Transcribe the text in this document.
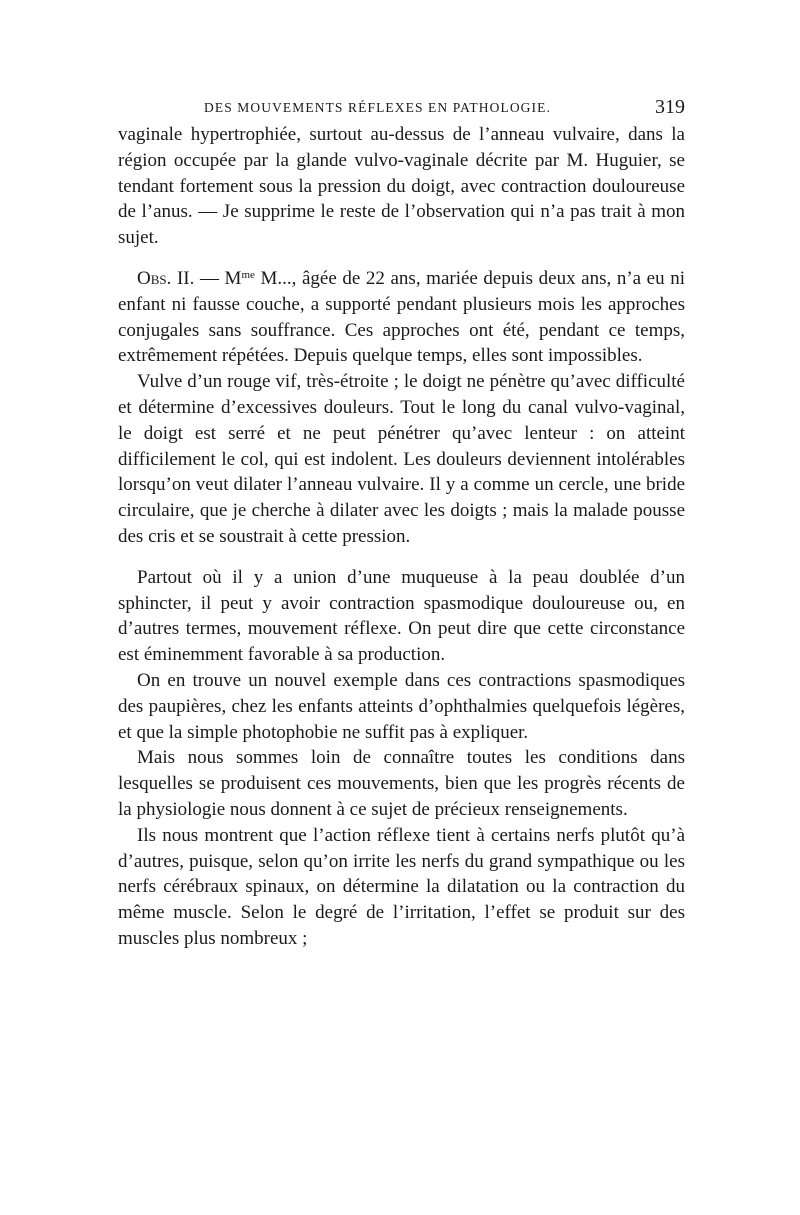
DES MOUVEMENTS RÉFLEXES EN PATHOLOGIE.	319

vaginale hypertrophiée, surtout au-dessus de l’anneau vulvaire, dans la région occupée par la glande vulvo-vaginale décrite par M. Huguier, se tendant fortement sous la pression du doigt, avec contraction douloureuse de l’anus. — Je supprime le reste de l’observation qui n’a pas trait à mon sujet.

Obs. II. — $M^{me}$ M..., âgée de 22 ans, mariée depuis deux ans, n’a eu ni enfant ni fausse couche, a supporté pendant plusieurs mois les approches conjugales sans souffrance. Ces approches ont été, pendant ce temps, extrêmement répétées. Depuis quelque temps, elles sont impossibles.

Vulve d’un rouge vif, très-étroite ; le doigt ne pénètre qu’avec difficulté et détermine d’excessives douleurs. Tout le long du canal vulvo-vaginal, le doigt est serré et ne peut pénétrer qu’avec lenteur : on atteint difficilement le col, qui est indolent. Les douleurs deviennent intolérables lorsqu’on veut dilater l’anneau vulvaire. Il y a comme un cercle, une bride circulaire, que je cherche à dilater avec les doigts ; mais la malade pousse des cris et se soustrait à cette pression.

Partout où il y a union d’une muqueuse à la peau doublée d’un sphincter, il peut y avoir contraction spasmodique douloureuse ou, en d’autres termes, mouvement réflexe. On peut dire que cette circonstance est éminemment favorable à sa production.

On en trouve un nouvel exemple dans ces contractions spasmodiques des paupières, chez les enfants atteints d’ophthalmies quelquefois légères, et que la simple photophobie ne suffit pas à expliquer.

Mais nous sommes loin de connaître toutes les conditions dans lesquelles se produisent ces mouvements, bien que les progrès récents de la physiologie nous donnent à ce sujet de précieux renseignements.

Ils nous montrent que l’action réflexe tient à certains nerfs plutôt qu’à d’autres, puisque, selon qu’on irrite les nerfs du grand sympathique ou les nerfs cérébraux spinaux, on détermine la dilatation ou la contraction du même muscle. Selon le degré de l’irritation, l’effet se produit sur des muscles plus nombreux ;
